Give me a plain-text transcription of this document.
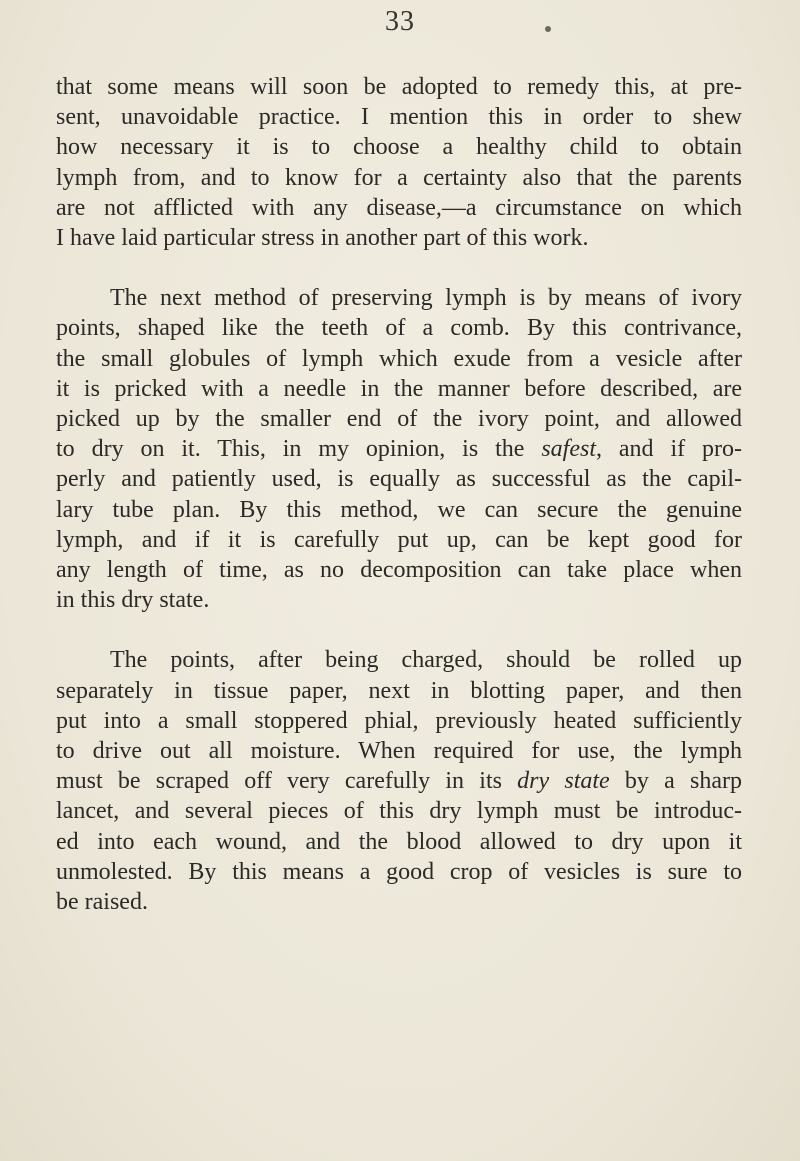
33

that some means will soon be adopted to remedy this, at pre-
sent, unavoidable practice. I mention this in order to shew
how necessary it is to choose a healthy child to obtain
lymph from, and to know for a certainty also that the parents
are not afflicted with any disease,—a circumstance on which
I have laid particular stress in another part of this work.

The next method of preserving lymph is by means of ivory
points, shaped like the teeth of a comb. By this contrivance,
the small globules of lymph which exude from a vesicle after
it is pricked with a needle in the manner before described, are
picked up by the smaller end of the ivory point, and allowed
to dry on it. This, in my opinion, is the safest, and if pro-
perly and patiently used, is equally as successful as the capil-
lary tube plan. By this method, we can secure the genuine
lymph, and if it is carefully put up, can be kept good for
any length of time, as no decomposition can take place when
in this dry state.

The points, after being charged, should be rolled up
separately in tissue paper, next in blotting paper, and then
put into a small stoppered phial, previously heated sufficiently
to drive out all moisture. When required for use, the lymph
must be scraped off very carefully in its dry state by a sharp
lancet, and several pieces of this dry lymph must be introduc-
ed into each wound, and the blood allowed to dry upon it
unmolested. By this means a good crop of vesicles is sure to
be raised.
